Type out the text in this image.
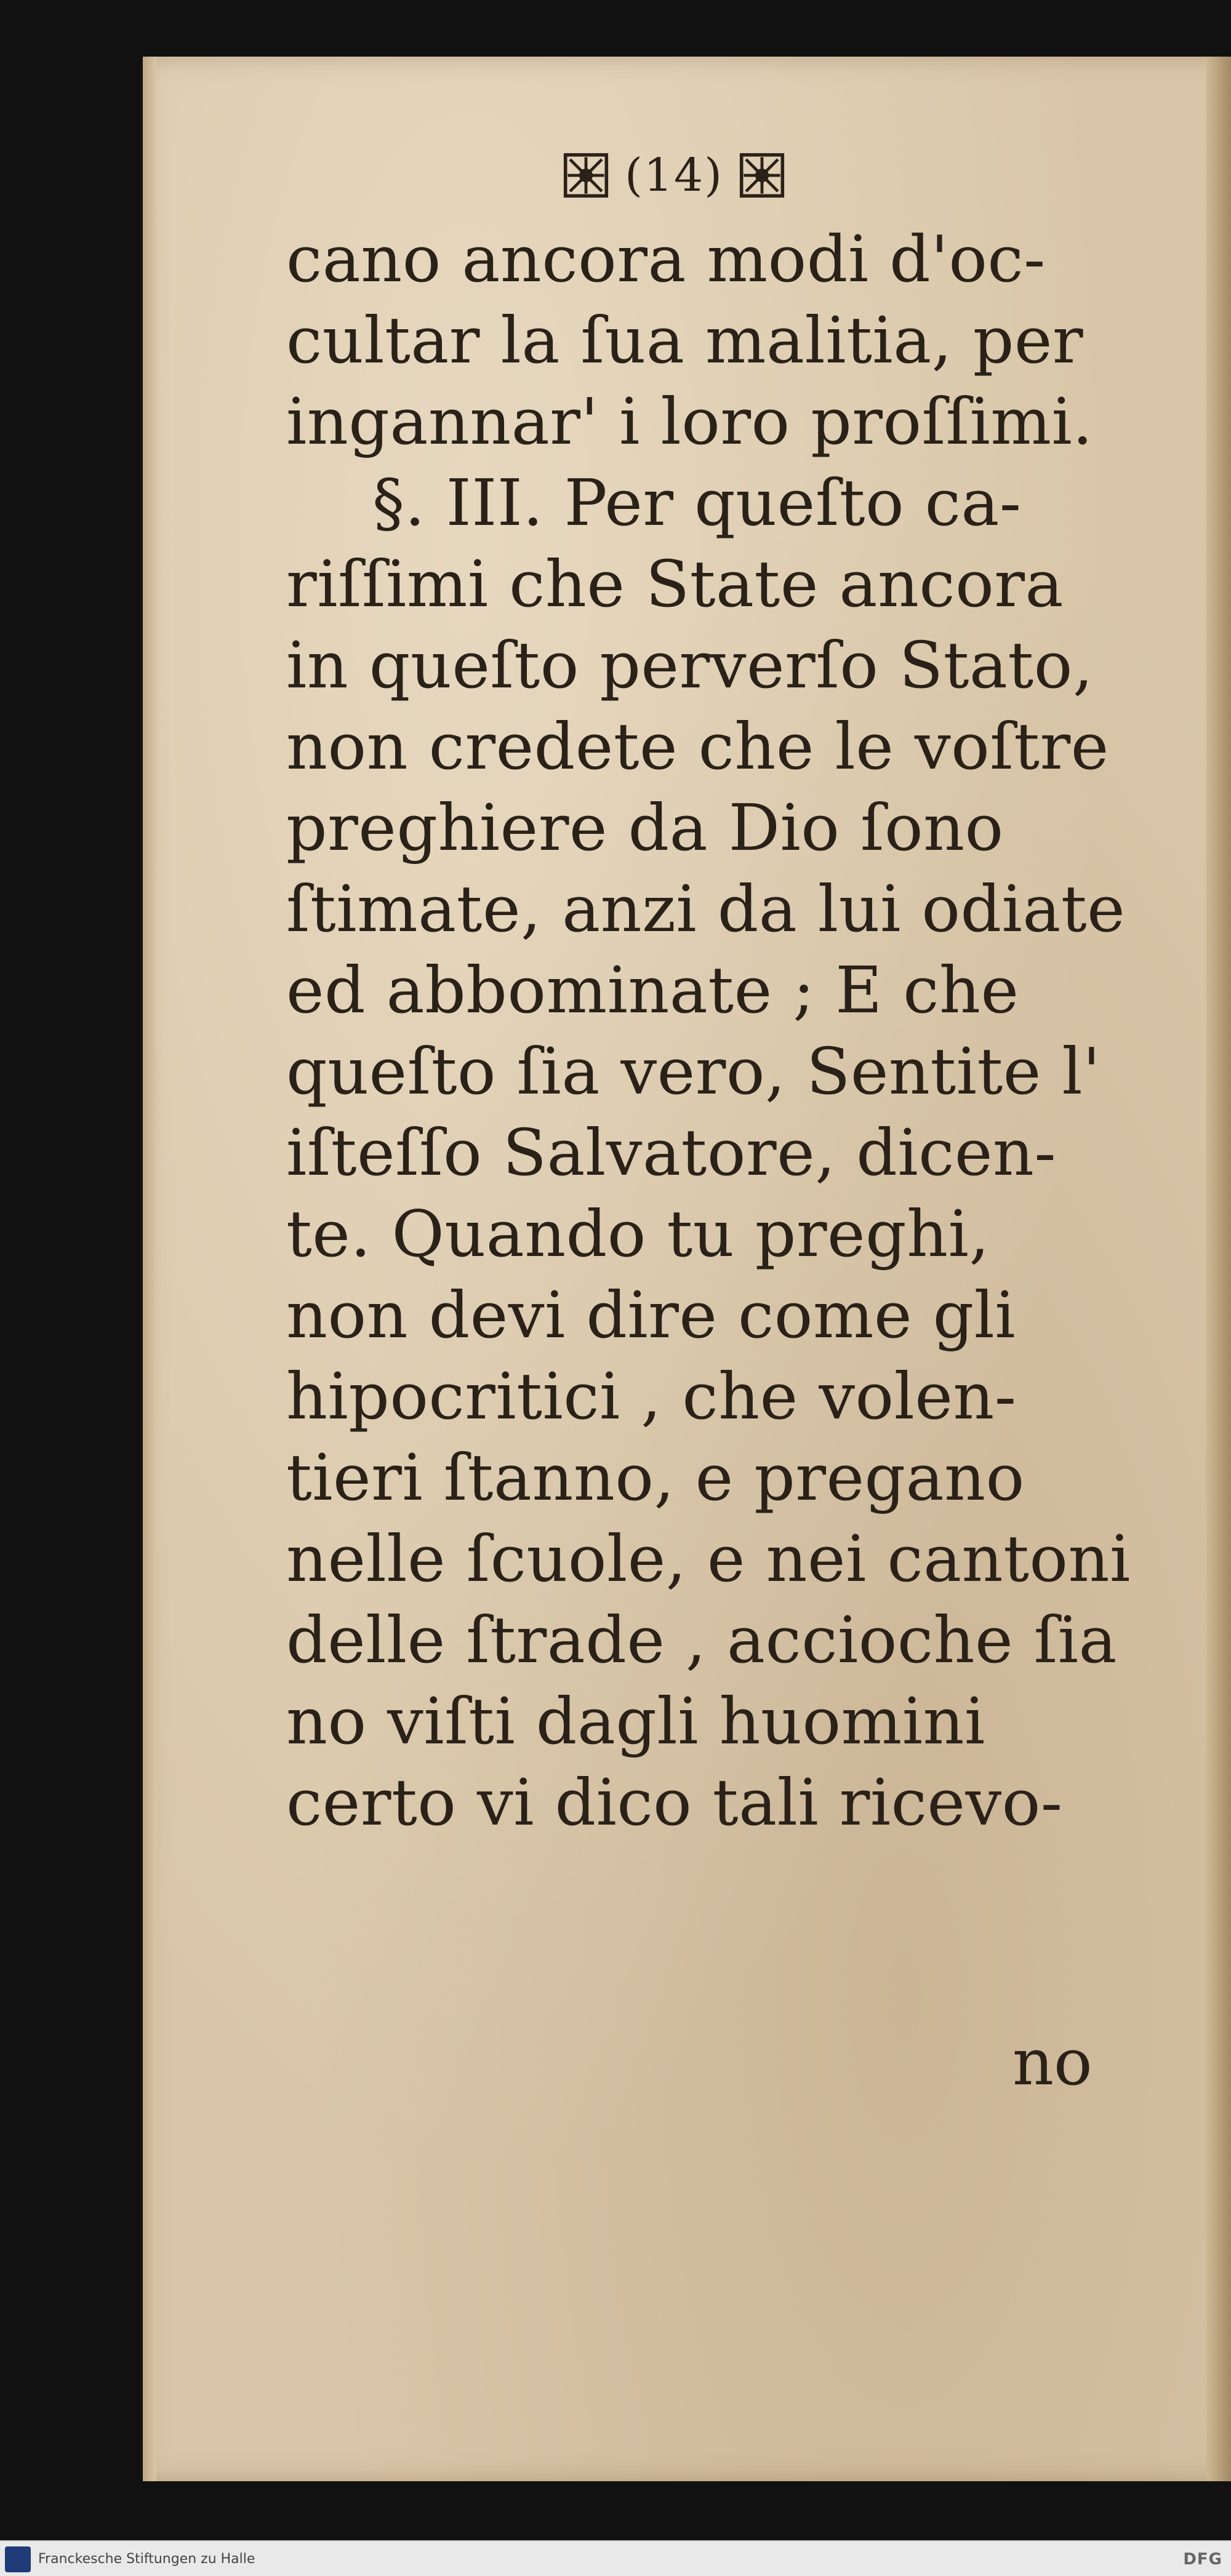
(14)
cano ancora modi d'oc-
cultar la ſua malitia, per
ingannar' i loro proſſimi.
§. III. Per queſto ca-
riſſimi che State ancora
in queſto perverſo Stato,
non credete che le voſtre
preghiere da Dio ſono
ſtimate, anzi da lui odiate
ed abbominate ; E che
queſto ſia vero, Sentite l'
iſteſſo Salvatore, dicen-
te. Quando tu preghi,
non devi dire come gli
hipocritici , che volen-
tieri ſtanno, e pregano
nelle ſcuole, e nei cantoni
delle ſtrade , accioche ſia
no viſti dagli huomini
certo vi dico tali ricevo-
no
Franckesche Stiftungen zu Halle	DFG
